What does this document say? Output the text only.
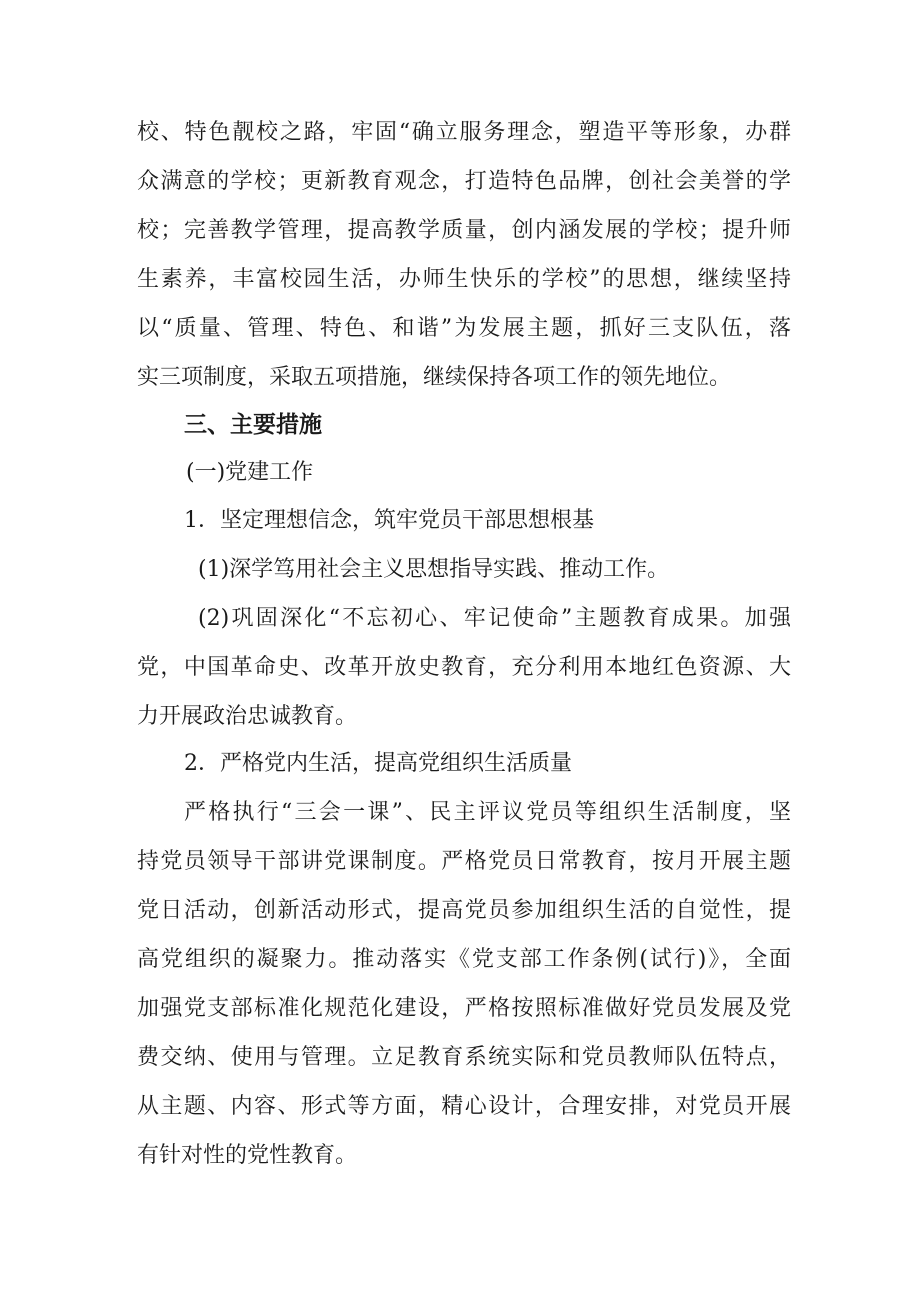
校、特色靓校之路，牢固“确立服务理念，塑造平等形象，办群
众满意的学校；更新教育观念，打造特色品牌，创社会美誉的学
校；完善教学管理，提高教学质量，创内涵发展的学校；提升师
生素养，丰富校园生活，办师生快乐的学校”的思想，继续坚持
以“质量、管理、特色、和谐”为发展主题，抓好三支队伍，落
实三项制度，采取五项措施，继续保持各项工作的领先地位。
三、主要措施
(一)党建工作
1．坚定理想信念，筑牢党员干部思想根基
(1)深学笃用社会主义思想指导实践、推动工作。
(2)巩固深化“不忘初心、牢记使命”主题教育成果。加强
党，中国革命史、改革开放史教育，充分利用本地红色资源、大
力开展政治忠诚教育。
2．严格党内生活，提高党组织生活质量
严格执行“三会一课”、民主评议党员等组织生活制度，坚
持党员领导干部讲党课制度。严格党员日常教育，按月开展主题
党日活动，创新活动形式，提高党员参加组织生活的自觉性，提
高党组织的凝聚力。推动落实《党支部工作条例(试行)》，全面
加强党支部标准化规范化建设，严格按照标准做好党员发展及党
费交纳、使用与管理。立足教育系统实际和党员教师队伍特点，
从主题、内容、形式等方面，精心设计，合理安排，对党员开展
有针对性的党性教育。
